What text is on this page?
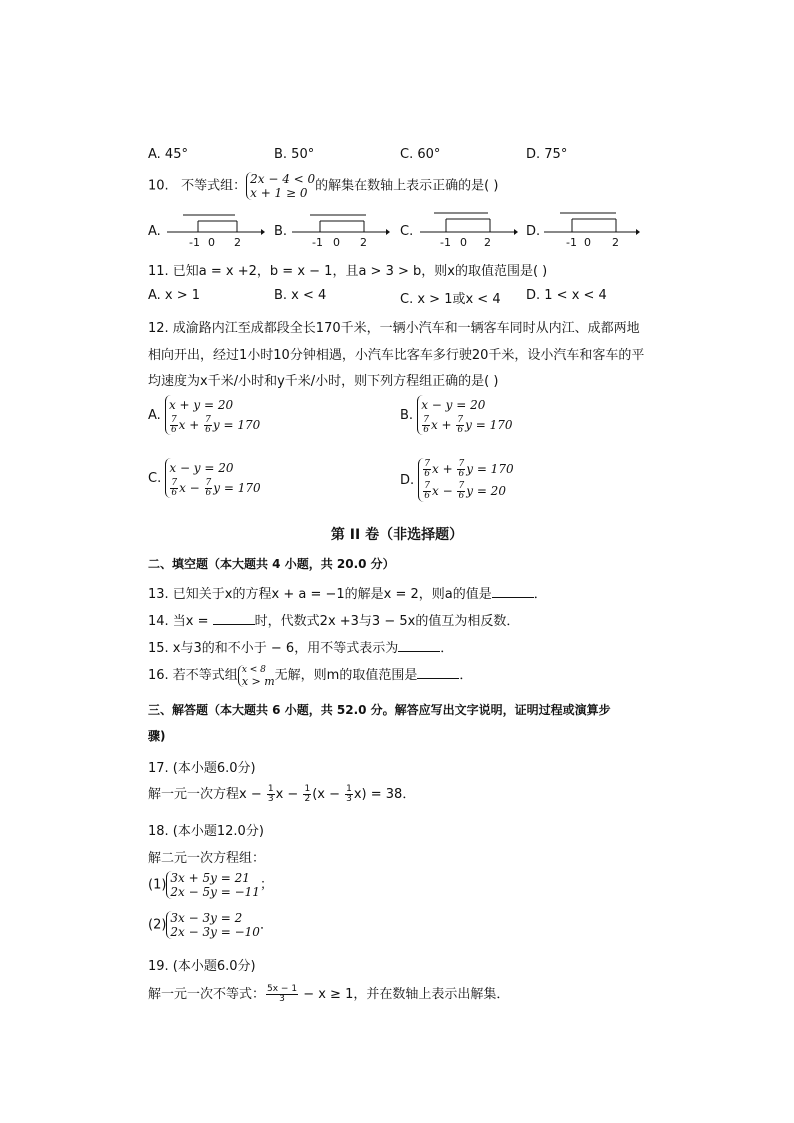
A. 45°	B. 50°	C. 60°	D. 75°
10. 不等式组： 2x − 4 < 0
x + 1 ≥ 0 的解集在数轴上表示正确的是( )
A.
-1 0 2
B.
-1 0 2
C.
-1 0 2
D.
-1 0 2
11. 已知a = x +2，b = x − 1，且a > 3 > b，则x的取值范围是( )
A. x > 1	B. x < 4	C. x > 1或x < 4 D. 1 < x < 4
12. 成渝路内江至成都段全长170千米，一辆小汽车和一辆客车同时从内江、成都两地
相向开出，经过1小时10分钟相遇，小汽车比客车多行驶20千米，设小汽车和客车的平
均速度为x千米/小时和y千米/小时，则下列方程组正确的是( )
A.
x + y = 20
$\frac{7}{6}$ $x + \frac{7}{6}$ y = 170
B.
x − y = 20
$\frac{7}{6}$ $x + \frac{7}{6}$ y = 170
C.
x − y = 20
$\frac{7}{6}$ $x - \frac{7}{6}$ y = 170
D.
$\frac{7}{6}$ $x + \frac{7}{6}$ y = 170
$\frac{7}{6}$ $x - \frac{7}{6}$ y = 20
第 II 卷（非选择题）
二、填空题（本大题共 4 小题，共 20.0 分）
13. 已知关于x的方程x + a = −1的解是x = 2，则a的值是	．
14. 当x =	时，代数式2x +3与3 − 5x的值互为相反数．
15. x与3的和不小于 − 6，用不等式表示为	．
16. 若不等式组 x < 8
x > m 无解，则m的取值范围是	．
三、解答题（本大题共 6 小题，共 52.0 分。解答应写出文字说明，证明过程或演算步
骤)
17. (本小题6.0分)
解一元一次方程$x - \frac{1}{3}$ $x - \frac{1}{2} (x - \frac{1}{3} x) = 38$．
18. (本小题12.0分)
解二元一次方程组：
(1) 3x + 5y = 21
2x − 5y = −11 ；
(2) 3x − 3y = 2
2x − 3y = −10 ．
19. (本小题6.0分)
解一元一次不等式： $\frac{5x - 1}{3} - x \ge 1$，并在数轴上表示出解集．
